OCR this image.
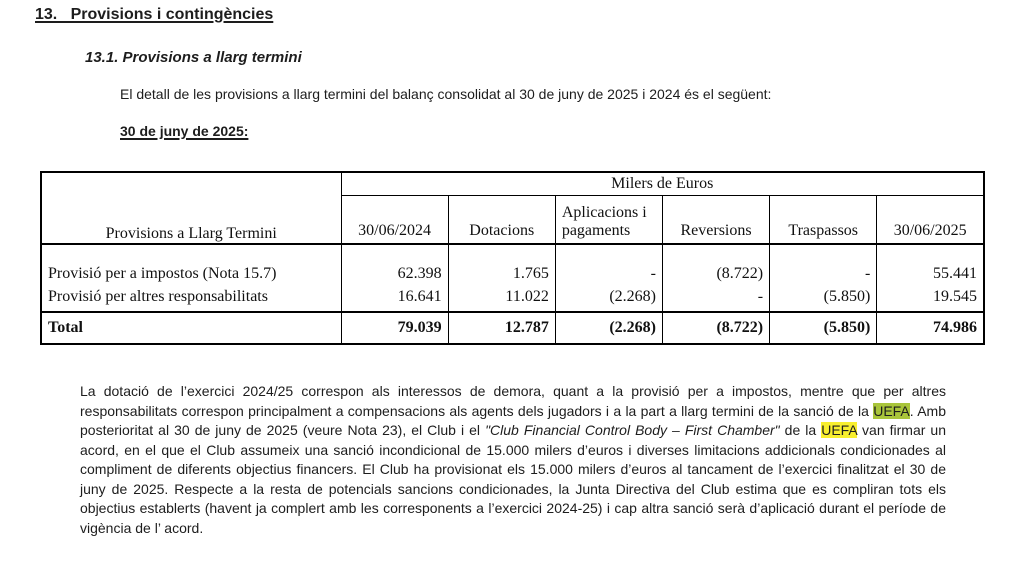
13.   Provisions i contingències
13.1. Provisions a llarg termini
El detall de les provisions a llarg termini del balanç consolidat al 30 de juny de 2025 i 2024 és el següent:
30 de juny de 2025:
Provisions a Llarg Termini	Milers de Euros					
	30/06/2024	Dotacions	Aplicacions i pagaments	Reversions	Traspassos	30/06/2025
Provisió per a impostos (Nota 15.7)	62.398	1.765	-	(8.722)	-	55.441
Provisió per altres responsabilitats	16.641	11.022	(2.268)	-	(5.850)	19.545
Total	79.039	12.787	(2.268)	(8.722)	(5.850)	74.986
La dotació de l’exercici 2024/25 correspon als interessos de demora, quant a la provisió per a impostos, mentre que per altres responsabilitats correspon principalment a compensacions als agents dels jugadors i a la part a llarg termini de la sanció de la UEFA. Amb posterioritat al 30 de juny de 2025 (veure Nota 23), el Club i el "Club Financial Control Body – First Chamber" de la UEFA van firmar un acord, en el que el Club assumeix una sanció incondicional de 15.000 milers d’euros i diverses limitacions addicionals condicionades al compliment de diferents objectius financers. El Club ha provisionat els 15.000 milers d’euros al tancament de l’exercici finalitzat el 30 de juny de 2025. Respecte a la resta de potencials sancions condicionades, la Junta Directiva del Club estima que es compliran tots els objectius establerts (havent ja complert amb les corresponents a l’exercici 2024-25) i cap altra sanció serà d’aplicació durant el període de vigència de l’ acord.
